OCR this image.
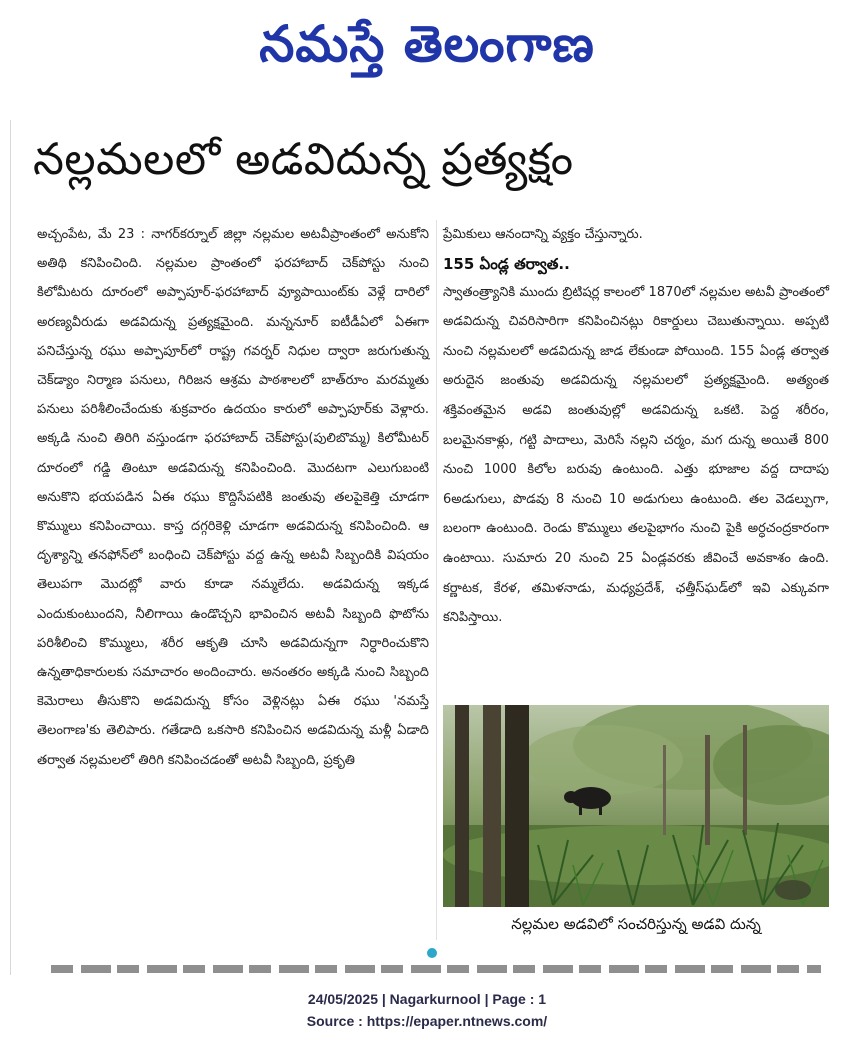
నమస్తే తెలంగాణ
నల్లమలలో అడవిదున్న ప్రత్యక్షం

అచ్చంపేట, మే 23 : నాగర్‌కర్నూల్‌ జిల్లా నల్లమల అటవీప్రాంతంలో అనుకోని అతిథి కనిపించింది. నల్లమల ప్రాంతంలో ఫరహాబాద్‌ చెక్‌పోస్టు నుంచి కిలోమీటరు దూరంలో అప్పాపూర్‌-ఫరహాబాద్‌ వ్యూపాయింట్‌కు వెళ్లే దారిలో అరణ్యవీరుడు అడవిదున్న ప్రత్యక్షమైంది. మన్ననూర్‌ ఐటీడీఏలో ఏఈగా పనిచేస్తున్న రఘు అప్పాపూర్‌లో రాష్ట్ర గవర్నర్‌ నిధుల ద్వారా జరుగుతున్న చెక్‌డ్యాం నిర్మాణ పనులు, గిరిజన ఆశ్రమ పాఠశాలలో బాత్‌రూం మరమ్మతు పనులు పరిశీలించేందుకు శుక్రవారం ఉదయం కారులో అప్పాపూర్‌కు వెళ్లారు. అక్కడి నుంచి తిరిగి వస్తుండగా ఫరహాబాద్‌ చెక్‌పోస్టు(పులిబొమ్మ) కిలోమీటర్‌ దూరంలో గడ్డి తింటూ అడవిదున్న కనిపించింది. మొదటగా ఎలుగుబంటి అనుకొని భయపడిన ఏఈ రఘు కొద్దిసేపటికి జంతువు తలపైకెత్తి చూడగా కొమ్ములు కనిపించాయి. కాస్త దగ్గరికెళ్లి చూడగా అడవిదున్న కనిపించింది. ఆ దృశ్యాన్ని తనఫోన్‌లో బంధించి చెక్‌పోస్టు వద్ద ఉన్న అటవీ సిబ్బందికి విషయం తెలుపగా మొదట్లో వారు కూడా నమ్మలేదు. అడవిదున్న ఇక్కడ ఎందుకుంటుందని, నీలిగాయి ఉండొచ్చని భావించిన అటవీ సిబ్బంది ఫొటోను పరిశీలించి కొమ్ములు, శరీర ఆకృతి చూసి అడవిదున్నగా నిర్ధారించుకొని ఉన్నతాధికారులకు సమాచారం అందించారు. అనంతరం అక్కడి నుంచి సిబ్బంది కెమెరాలు తీసుకొని అడవిదున్న కోసం వెళ్లినట్లు ఏఈ రఘు 'నమస్తే తెలంగాణ'కు తెలిపారు. గతేడాది ఒకసారి కనిపించిన అడవిదున్న మళ్లీ ఏడాది తర్వాత నల్లమలలో తిరిగి కనిపించడంతో అటవీ సిబ్బంది, ప్రకృతి

ప్రేమికులు ఆనందాన్ని వ్యక్తం చేస్తున్నారు.

155 ఏండ్ల తర్వాత..

స్వాతంత్ర్యానికి ముందు బ్రిటిషర్ల కాలంలో 1870లో నల్లమల అటవీ ప్రాంతంలో అడవిదున్న చివరిసారిగా కనిపించినట్లు రికార్డులు చెబుతున్నాయి. అప్పటి నుంచి నల్లమలలో అడవిదున్న జాడ లేకుండా పోయింది. 155 ఏండ్ల తర్వాత అరుదైన జంతువు అడవిదున్న నల్లమలలో ప్రత్యక్షమైంది. అత్యంత శక్తివంతమైన అడవి జంతువుల్లో అడవిదున్న ఒకటి. పెద్ద శరీరం, బలమైనకాళ్లు, గట్టి పాదాలు, మెరిసే నల్లని చర్మం, మగ దున్న అయితే 800 నుంచి 1000 కిలోల బరువు ఉంటుంది. ఎత్తు భూజాల వద్ద దాదాపు 6అడుగులు, పొడవు 8 నుంచి 10 అడుగులు ఉంటుంది. తల వెడల్పుగా, బలంగా ఉంటుంది. రెండు కొమ్ములు తలపైభాగం నుంచి పైకి అర్ధచంద్రకారంగా ఉంటాయి. సుమారు 20 నుంచి 25 ఏండ్లవరకు జీవించే అవకాశం ఉంది. కర్ణాటక, కేరళ, తమిళనాడు, మధ్యప్రదేశ్‌, ఛత్తీస్‌ఘడ్‌లో ఇవి ఎక్కువగా కనిపిస్తాయి.

నల్లమల అడవిలో సంచరిస్తున్న అడవి దున్న
24/05/2025 | Nagarkurnool | Page : 1
Source : https://epaper.ntnews.com/
